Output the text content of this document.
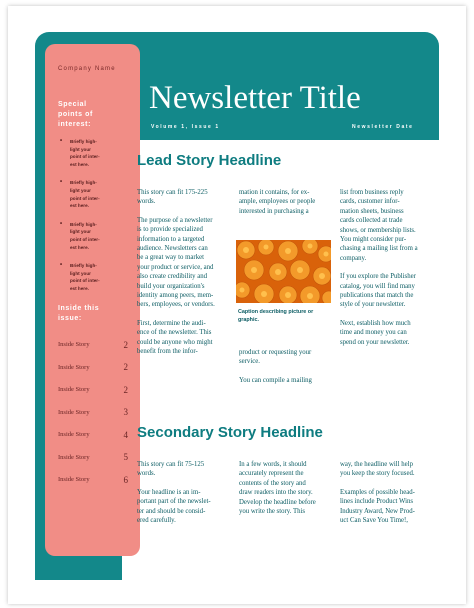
Company Name
Special
points of
interest:
• Briefly high-
light your
point of inter-
est here.
• Briefly high-
light your
point of inter-
est here.
• Briefly high-
light your
point of inter-
est here.
• Briefly high-
light your
point of inter-
est here.
Inside this
issue:
Inside Story	2
Inside Story	2
Inside Story	2
Inside Story	3
Inside Story	4
Inside Story	5
Inside Story	6
Newsletter Title
Volume 1, Issue 1	Newsletter Date
Lead Story Headline

This story can fit 175-225
words.

The purpose of a newsletter
is to provide specialized
information to a targeted
audience. Newsletters can
be a great way to market
your product or service, and
also create credibility and
build your organization's
identity among peers, mem-
bers, employees, or vendors.

First, determine the audi-
ence of the newsletter. This
could be anyone who might
benefit from the infor-

mation it contains, for ex-
ample, employees or people
interested in purchasing a

Caption describing picture or
graphic.

product or requesting your
service.

You can compile a mailing

list from business reply
cards, customer infor-
mation sheets, business
cards collected at trade
shows, or membership lists.
You might consider pur-
chasing a mailing list from a
company.

If you explore the Publisher
catalog, you will find many
publications that match the
style of your newsletter.

Next, establish how much
time and money you can
spend on your newsletter.

Secondary Story Headline

This story can fit 75-125
words.

Your headline is an im-
portant part of the newslet-
ter and should be consid-
ered carefully.

In a few words, it should
accurately represent the
contents of the story and
draw readers into the story.
Develop the headline before
you write the story. This

way, the headline will help
you keep the story focused.

Examples of possible head-
lines include Product Wins
Industry Award, New Prod-
uct Can Save You Time!,
